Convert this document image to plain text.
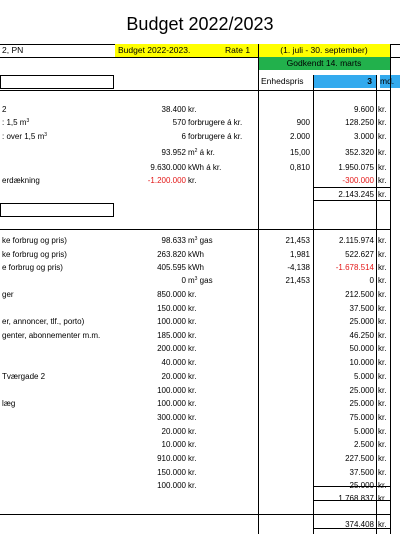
Budget 2022/2023
2, PN	Budget 2022-2023.	Rate 1	(1. juli - 30. september)
Godkendt 14. marts
Enhedspris	3 md.
2	38.400 kr.	9.600 kr.
: 1,5 $m^3$	570 forbrugere á kr.	900	128.250 kr.
: over 1,5 $m^3$	6 forbrugere á kr.	2.000	3.000 kr.
93.952 $m^2$ á kr.	15,00	352.320 kr.
9.630.000 kWh á kr.	0,810	1.950.075 kr.
erdækning	-1.200.000 kr.	-300.000 kr.
2.143.245 kr.
ke forbrug og pris)	98.633 $m^3$ gas	21,453	2.115.974 kr.
ke forbrug og pris)	263.820 kWh	1,981	522.627 kr.
e forbrug og pris)	405.595 kWh	-4,138	-1.678.514 kr.
0 $m^3$ gas	21,453	0 kr.
ger	850.000 kr.	212.500 kr.
150.000 kr.	37.500 kr.
er, annoncer, tlf., porto)	100.000 kr.	25.000 kr.
genter, abonnementer m.m.	185.000 kr.	46.250 kr.
200.000 kr.	50.000 kr.
40.000 kr.	10.000 kr.
Tværgade 2	20.000 kr.	5.000 kr.
100.000 kr.	25.000 kr.
læg	100.000 kr.	25.000 kr.
300.000 kr.	75.000 kr.
20.000 kr.	5.000 kr.
10.000 kr.	2.500 kr.
910.000 kr.	227.500 kr.
150.000 kr.	37.500 kr.
100.000 kr.	25.000 kr.
1.768.837 kr.
374.408 kr.
